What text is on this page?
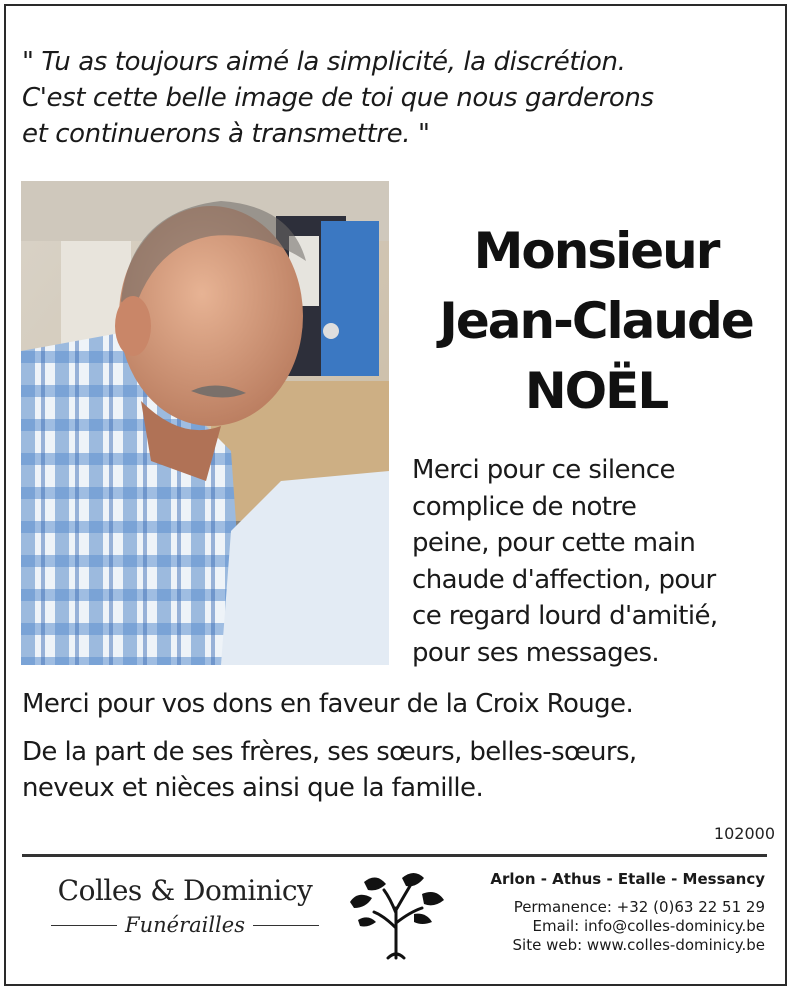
" Tu as toujours aimé la simplicité, la discrétion.
C'est cette belle image de toi que nous garderons
et continuerons à transmettre. "
Monsieur
Jean-Claude
NOËL
Merci pour ce silence
complice de notre
peine, pour cette main
chaude d'affection, pour
ce regard lourd d'amitié,
pour ses messages.
Merci pour vos dons en faveur de la Croix Rouge.
De la part de ses frères, ses sœurs, belles-sœurs,
neveux et nièces ainsi que la famille.
102000
Colles & Dominicy
Funérailles
Arlon - Athus - Etalle - Messancy
Permanence: +32 (0)63 22 51 29
Email: info@colles-dominicy.be
Site web: www.colles-dominicy.be
